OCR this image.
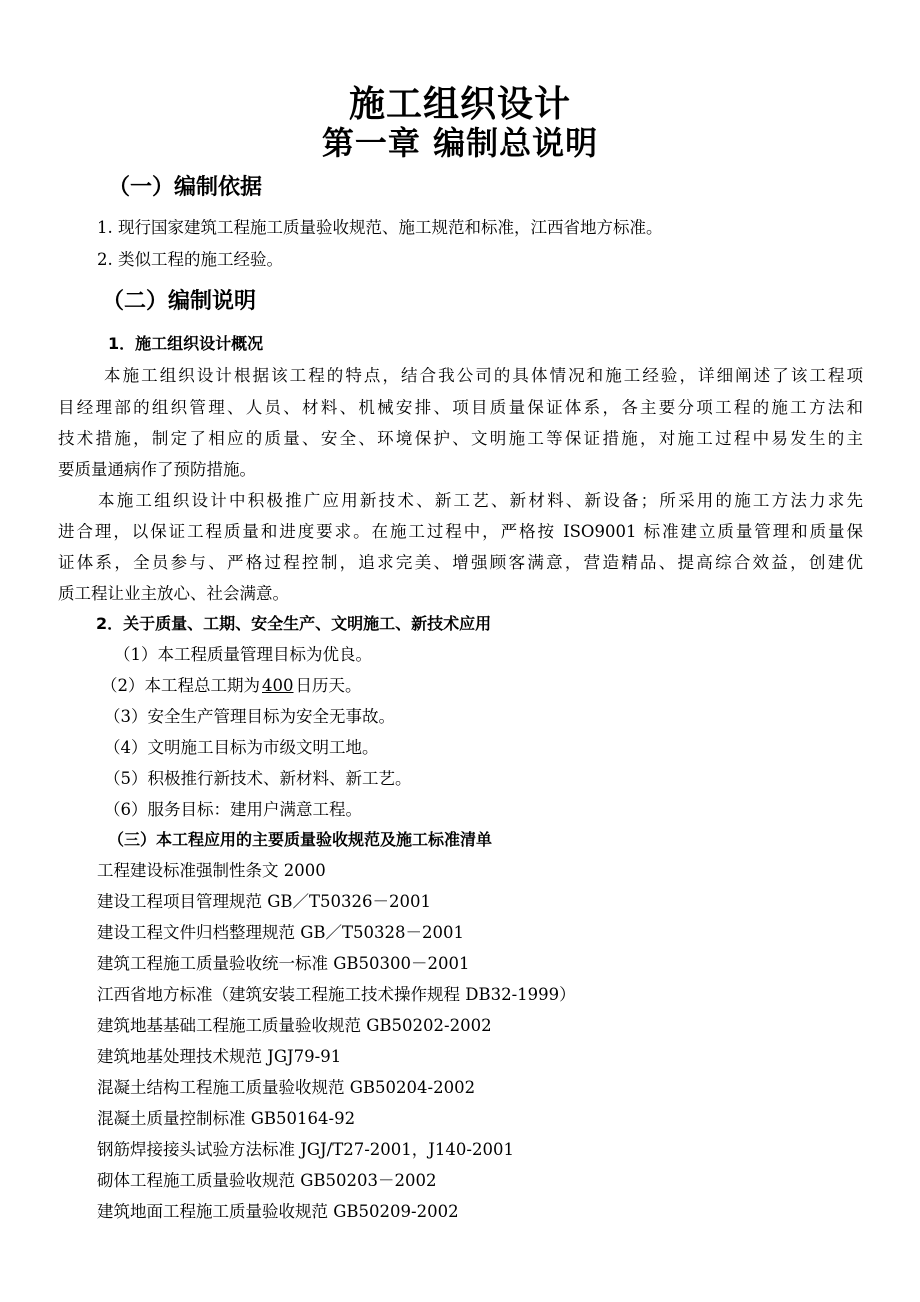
施工组织设计
第一章 编制总说明
（一）编制依据
1. 现行国家建筑工程施工质量验收规范、施工规范和标准，江西省地方标准。
2. 类似工程的施工经验。
（二）编制说明
1．施工组织设计概况
本施工组织设计根据该工程的特点，结合我公司的具体情况和施工经验，详细阐述了该工程项
目经理部的组织管理、人员、材料、机械安排、项目质量保证体系，各主要分项工程的施工方法和
技术措施，制定了相应的质量、安全、环境保护、文明施工等保证措施，对施工过程中易发生的主
要质量通病作了预防措施。
本施工组织设计中积极推广应用新技术、新工艺、新材料、新设备；所采用的施工方法力求先
进合理，以保证工程质量和进度要求。在施工过程中，严格按 ISO9001 标准建立质量管理和质量保
证体系，全员参与、严格过程控制，追求完美、增强顾客满意，营造精品、提高综合效益，创建优
质工程让业主放心、社会满意。
2．关于质量、工期、安全生产、文明施工、新技术应用
（1）本工程质量管理目标为优良。
（2）本工程总工期为 400 日历天。
（3）安全生产管理目标为安全无事故。
（4）文明施工目标为市级文明工地。
（5）积极推行新技术、新材料、新工艺。
（6）服务目标：建用户满意工程。
（三）本工程应用的主要质量验收规范及施工标准清单
工程建设标准强制性条文 2000
建设工程项目管理规范 GB／T50326－2001
建设工程文件归档整理规范 GB／T50328－2001
建筑工程施工质量验收统一标准 GB50300－2001
江西省地方标准（建筑安装工程施工技术操作规程 DB32-1999）
建筑地基基础工程施工质量验收规范 GB50202-2002
建筑地基处理技术规范 JGJ79-91
混凝土结构工程施工质量验收规范 GB50204-2002
混凝土质量控制标准 GB50164-92
钢筋焊接接头试验方法标准 JGJ/T27-2001，J140-2001
砌体工程施工质量验收规范 GB50203－2002
建筑地面工程施工质量验收规范 GB50209-2002
